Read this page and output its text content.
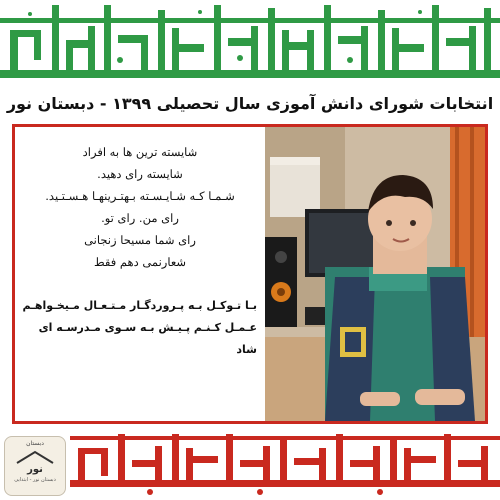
انتخابات شورای دانش آموزی سال تحصیلی ۱۳۹۹ - دبستان نور
شایسته ترین ها به افراد
شایسته رای دهید.
شـمـا کـه شـایـسـته بـهتـرینهـا هـسـتـید.
رای من. رای تو.
رای شما مسیحا زنجانی
شعارنمی دهم فقط
بـا تـوکـل بـه پـروردگـار مـتـعـال مـیخـواهـم
عـمـل کـنـم پـیـش بـه سـوی مـدرسـه ای
شاد
دبستان
نور
دبستان نور - ابتدایی
